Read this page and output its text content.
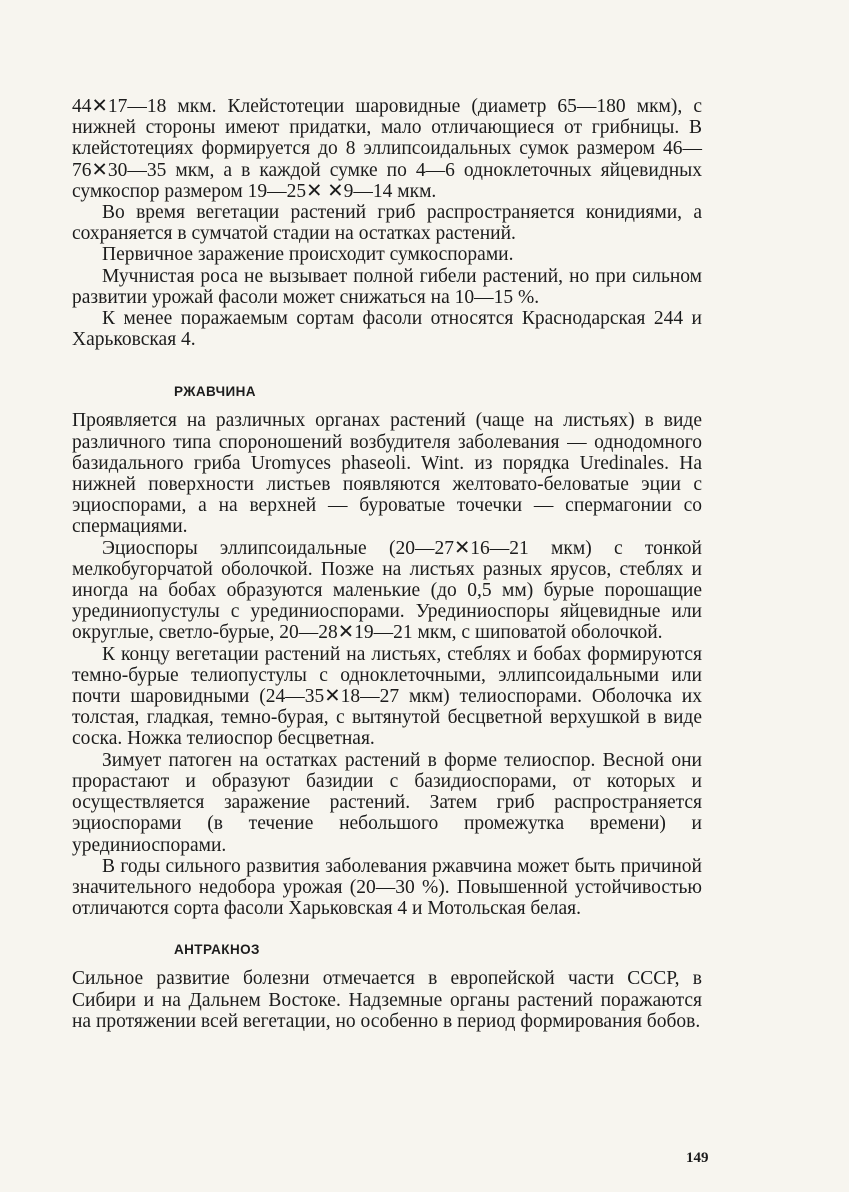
44✕17—18 мкм. Клейстотеции шаровидные (диаметр 65—180 мкм), с нижней стороны имеют придатки, мало отличающиеся от грибницы. В клейстотециях формируется до 8 эллипсоидальных сумок размером 46—76✕30—35 мкм, а в каждой сумке по 4—6 одноклеточных яйцевидных сумкоспор размером 19—25✕ ✕9—14 мкм.

Во время вегетации растений гриб распространяется конидиями, а сохраняется в сумчатой стадии на остатках растений.

Первичное заражение происходит сумкоспорами.

Мучнистая роса не вызывает полной гибели растений, но при сильном развитии урожай фасоли может снижаться на 10—15 %.

К менее поражаемым сортам фасоли относятся Краснодарская 244 и Харьковская 4.

РЖАВЧИНА

Проявляется на различных органах растений (чаще на листьях) в виде различного типа спороношений возбудителя заболевания — однодомного базидального гриба Uromyces phaseoli. Wint. из порядка Uredinales. На нижней поверхности листьев появляются желтовато-беловатые эции с эциоспорами, а на верхней — буроватые точечки — спермагонии со спермациями.

Эциоспоры эллипсоидальные (20—27✕16—21 мкм) с тонкой мелкобугорчатой оболочкой. Позже на листьях разных ярусов, стеблях и иногда на бобах образуются маленькие (до 0,5 мм) бурые порошащие урединиопустулы с урединиоспорами. Урединиоспоры яйцевидные или округлые, светло-бурые, 20—28✕19—21 мкм, с шиповатой оболочкой.

К концу вегетации растений на листьях, стеблях и бобах формируются темно-бурые телиопустулы с одноклеточными, эллипсоидальными или почти шаровидными (24—35✕18—27 мкм) телиоспорами. Оболочка их толстая, гладкая, темно-бурая, с вытянутой бесцветной верхушкой в виде соска. Ножка телиоспор бесцветная.

Зимует патоген на остатках растений в форме телиоспор. Весной они прорастают и образуют базидии с базидиоспорами, от которых и осуществляется заражение растений. Затем гриб распространяется эциоспорами (в течение небольшого промежутка времени) и урединиоспорами.

В годы сильного развития заболевания ржавчина может быть причиной значительного недобора урожая (20—30 %). Повышенной устойчивостью отличаются сорта фасоли Харьковская 4 и Мотольская белая.

АНТРАКНОЗ

Сильное развитие болезни отмечается в европейской части СССР, в Сибири и на Дальнем Востоке. Надземные органы растений поражаются на протяжении всей вегетации, но особенно в период формирования бобов.

149
